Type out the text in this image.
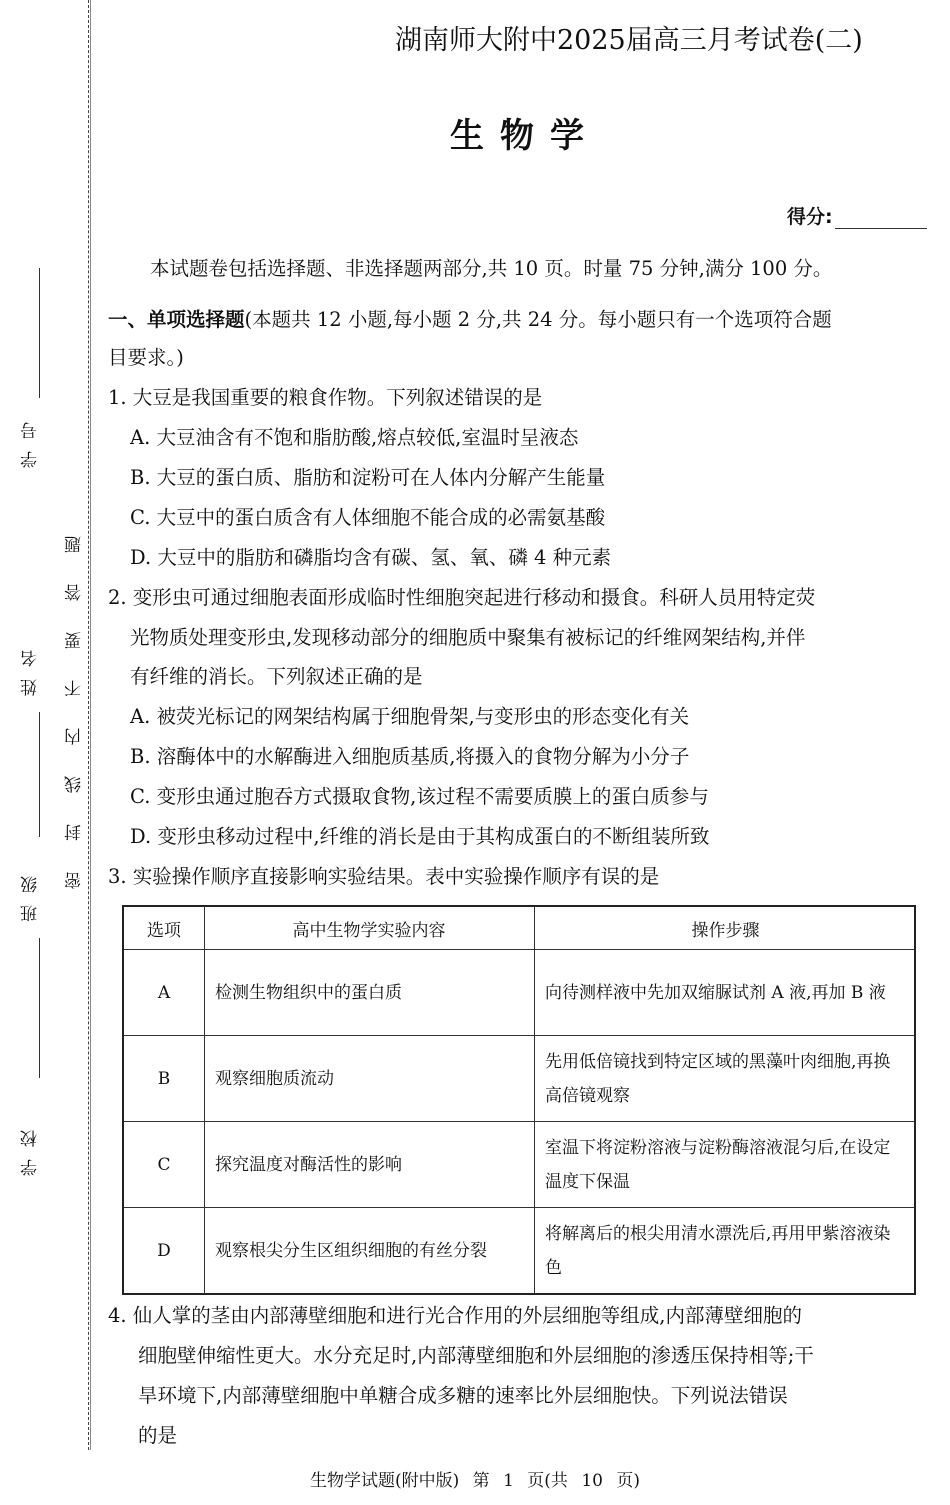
学号
姓名
班级
学校
密封线内不要答题
湖南师大附中2025届高三月考试卷(二)
生物学
得分:
本试题卷包括选择题、非选择题两部分,共 10 页。时量 75 分钟,满分 100 分。
一、单项选择题(本题共 12 小题,每小题 2 分,共 24 分。每小题只有一个选项符合题
目要求。)
1. 大豆是我国重要的粮食作物。下列叙述错误的是
A. 大豆油含有不饱和脂肪酸,熔点较低,室温时呈液态
B. 大豆的蛋白质、脂肪和淀粉可在人体内分解产生能量
C. 大豆中的蛋白质含有人体细胞不能合成的必需氨基酸
D. 大豆中的脂肪和磷脂均含有碳、氢、氧、磷 4 种元素
2. 变形虫可通过细胞表面形成临时性细胞突起进行移动和摄食。科研人员用特定荧
光物质处理变形虫,发现移动部分的细胞质中聚集有被标记的纤维网架结构,并伴
有纤维的消长。下列叙述正确的是
A. 被荧光标记的网架结构属于细胞骨架,与变形虫的形态变化有关
B. 溶酶体中的水解酶进入细胞质基质,将摄入的食物分解为小分子
C. 变形虫通过胞吞方式摄取食物,该过程不需要质膜上的蛋白质参与
D. 变形虫移动过程中,纤维的消长是由于其构成蛋白的不断组装所致
3. 实验操作顺序直接影响实验结果。表中实验操作顺序有误的是
选项	高中生物学实验内容	操作步骤
A	检测生物组织中的蛋白质	向待测样液中先加双缩脲试剂 A 液,再加 B 液
B	观察细胞质流动	先用低倍镜找到特定区域的黑藻叶肉细胞,再换高倍镜观察
C	探究温度对酶活性的影响	室温下将淀粉溶液与淀粉酶溶液混匀后,在设定温度下保温
D	观察根尖分生区组织细胞的有丝分裂	将解离后的根尖用清水漂洗后,再用甲紫溶液染色
4. 仙人掌的茎由内部薄壁细胞和进行光合作用的外层细胞等组成,内部薄壁细胞的
细胞壁伸缩性更大。水分充足时,内部薄壁细胞和外层细胞的渗透压保持相等;干
旱环境下,内部薄壁细胞中单糖合成多糖的速率比外层细胞快。下列说法错误
的是
生物学试题(附中版) 第 1 页(共 10 页)
